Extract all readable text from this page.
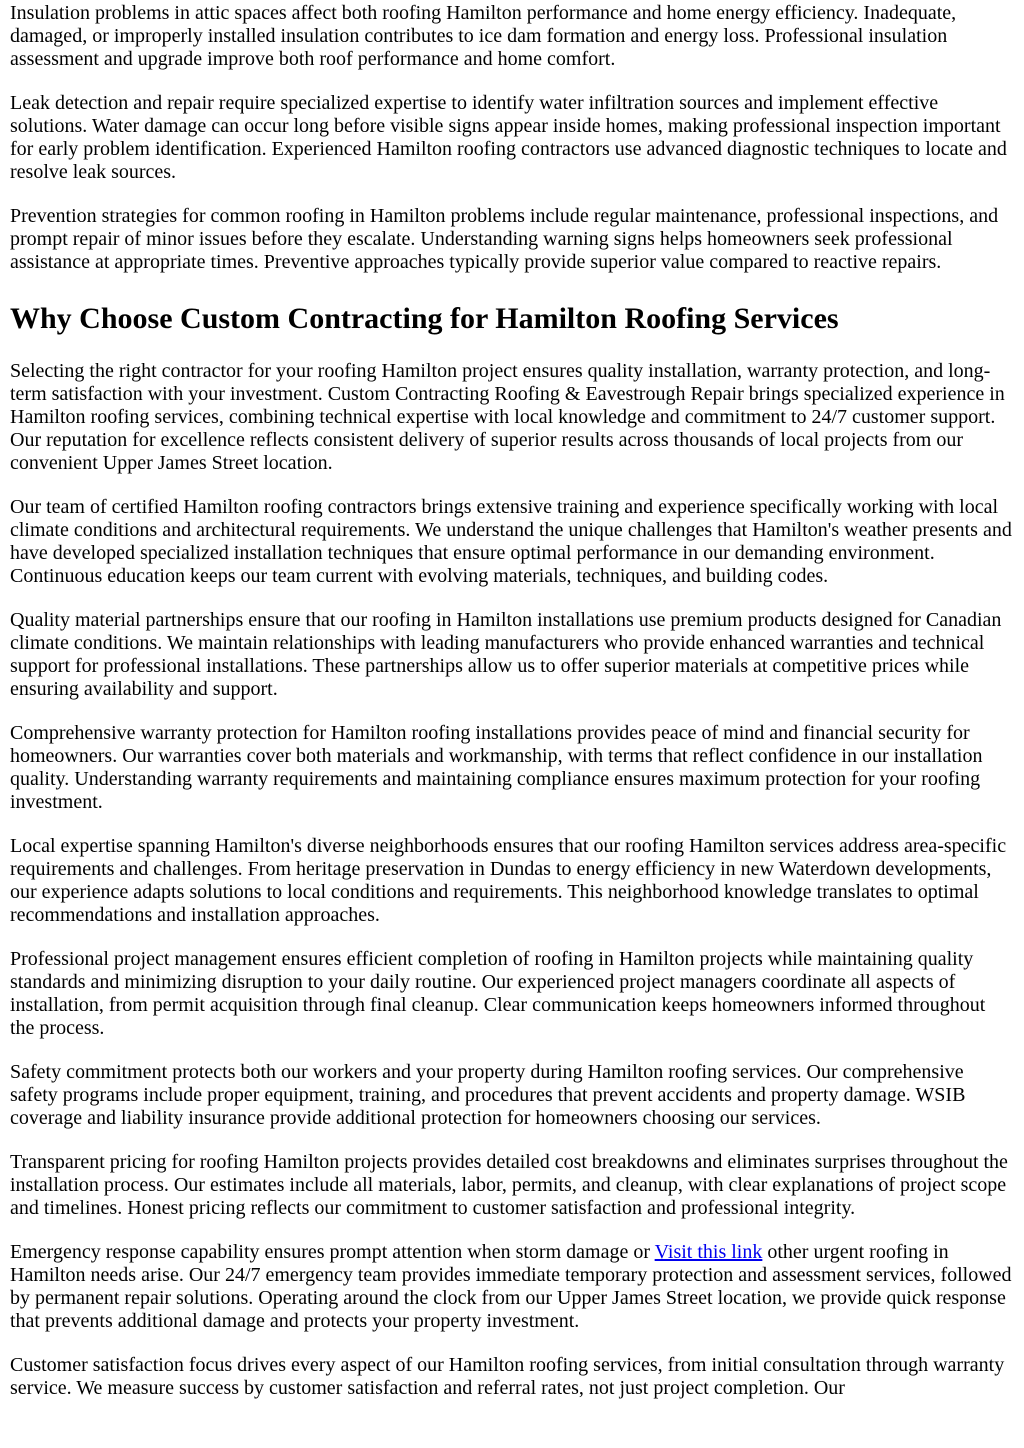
Insulation problems in attic spaces affect both roofing Hamilton performance and home energy efficiency. Inadequate, damaged, or improperly installed insulation contributes to ice dam formation and energy loss. Professional insulation assessment and upgrade improve both roof performance and home comfort.

Leak detection and repair require specialized expertise to identify water infiltration sources and implement effective solutions. Water damage can occur long before visible signs appear inside homes, making professional inspection important for early problem identification. Experienced Hamilton roofing contractors use advanced diagnostic techniques to locate and resolve leak sources.

Prevention strategies for common roofing in Hamilton problems include regular maintenance, professional inspections, and prompt repair of minor issues before they escalate. Understanding warning signs helps homeowners seek professional assistance at appropriate times. Preventive approaches typically provide superior value compared to reactive repairs.

Why Choose Custom Contracting for Hamilton Roofing Services

Selecting the right contractor for your roofing Hamilton project ensures quality installation, warranty protection, and long-term satisfaction with your investment. Custom Contracting Roofing & Eavestrough Repair brings specialized experience in Hamilton roofing services, combining technical expertise with local knowledge and commitment to 24/7 customer support. Our reputation for excellence reflects consistent delivery of superior results across thousands of local projects from our convenient Upper James Street location.

Our team of certified Hamilton roofing contractors brings extensive training and experience specifically working with local climate conditions and architectural requirements. We understand the unique challenges that Hamilton's weather presents and have developed specialized installation techniques that ensure optimal performance in our demanding environment. Continuous education keeps our team current with evolving materials, techniques, and building codes.

Quality material partnerships ensure that our roofing in Hamilton installations use premium products designed for Canadian climate conditions. We maintain relationships with leading manufacturers who provide enhanced warranties and technical support for professional installations. These partnerships allow us to offer superior materials at competitive prices while ensuring availability and support.

Comprehensive warranty protection for Hamilton roofing installations provides peace of mind and financial security for homeowners. Our warranties cover both materials and workmanship, with terms that reflect confidence in our installation quality. Understanding warranty requirements and maintaining compliance ensures maximum protection for your roofing investment.

Local expertise spanning Hamilton's diverse neighborhoods ensures that our roofing Hamilton services address area-specific requirements and challenges. From heritage preservation in Dundas to energy efficiency in new Waterdown developments, our experience adapts solutions to local conditions and requirements. This neighborhood knowledge translates to optimal recommendations and installation approaches.

Professional project management ensures efficient completion of roofing in Hamilton projects while maintaining quality standards and minimizing disruption to your daily routine. Our experienced project managers coordinate all aspects of installation, from permit acquisition through final cleanup. Clear communication keeps homeowners informed throughout the process.

Safety commitment protects both our workers and your property during Hamilton roofing services. Our comprehensive safety programs include proper equipment, training, and procedures that prevent accidents and property damage. WSIB coverage and liability insurance provide additional protection for homeowners choosing our services.

Transparent pricing for roofing Hamilton projects provides detailed cost breakdowns and eliminates surprises throughout the installation process. Our estimates include all materials, labor, permits, and cleanup, with clear explanations of project scope and timelines. Honest pricing reflects our commitment to customer satisfaction and professional integrity.

Emergency response capability ensures prompt attention when storm damage or Visit this link other urgent roofing in Hamilton needs arise. Our 24/7 emergency team provides immediate temporary protection and assessment services, followed by permanent repair solutions. Operating around the clock from our Upper James Street location, we provide quick response that prevents additional damage and protects your property investment.

Customer satisfaction focus drives every aspect of our Hamilton roofing services, from initial consultation through warranty service. We measure success by customer satisfaction and referral rates, not just project completion. Our
